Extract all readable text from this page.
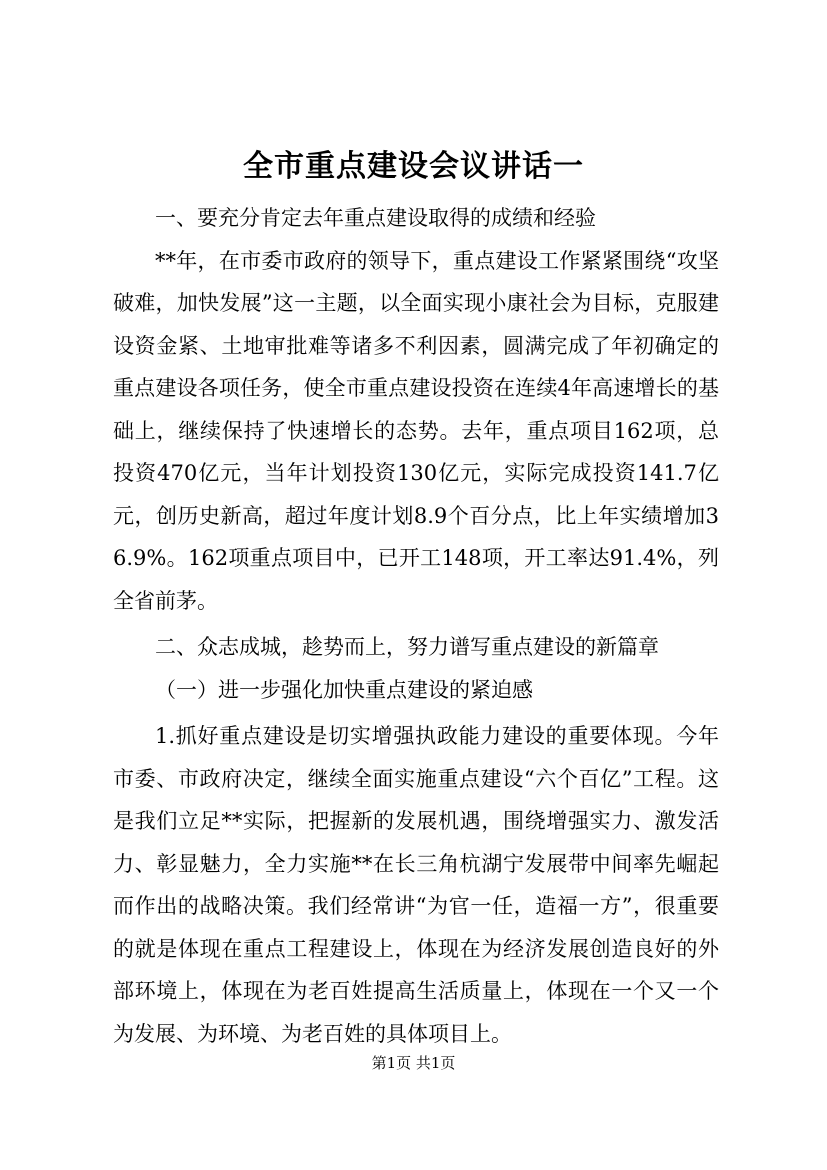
全市重点建设会议讲话一

一、要充分肯定去年重点建设取得的成绩和经验

**年，在市委市政府的领导下，重点建设工作紧紧围绕“攻坚破难，加快发展”这一主题，以全面实现小康社会为目标，克服建设资金紧、土地审批难等诸多不利因素，圆满完成了年初确定的重点建设各项任务，使全市重点建设投资在连续4年高速增长的基础上，继续保持了快速增长的态势。去年，重点项目162项，总投资470亿元，当年计划投资130亿元，实际完成投资141.7亿元，创历史新高，超过年度计划8.9个百分点，比上年实绩增加36.9%。162项重点项目中，已开工148项，开工率达91.4%，列全省前茅。

二、众志成城，趁势而上，努力谱写重点建设的新篇章

（一）进一步强化加快重点建设的紧迫感

1.抓好重点建设是切实增强执政能力建设的重要体现。今年市委、市政府决定，继续全面实施重点建设“六个百亿”工程。这是我们立足**实际，把握新的发展机遇，围绕增强实力、激发活力、彰显魅力，全力实施**在长三角杭湖宁发展带中间率先崛起而作出的战略决策。我们经常讲“为官一任，造福一方”，很重要的就是体现在重点工程建设上，体现在为经济发展创造良好的外部环境上，体现在为老百姓提高生活质量上，体现在一个又一个为发展、为环境、为老百姓的具体项目上。

第1页 共1页
